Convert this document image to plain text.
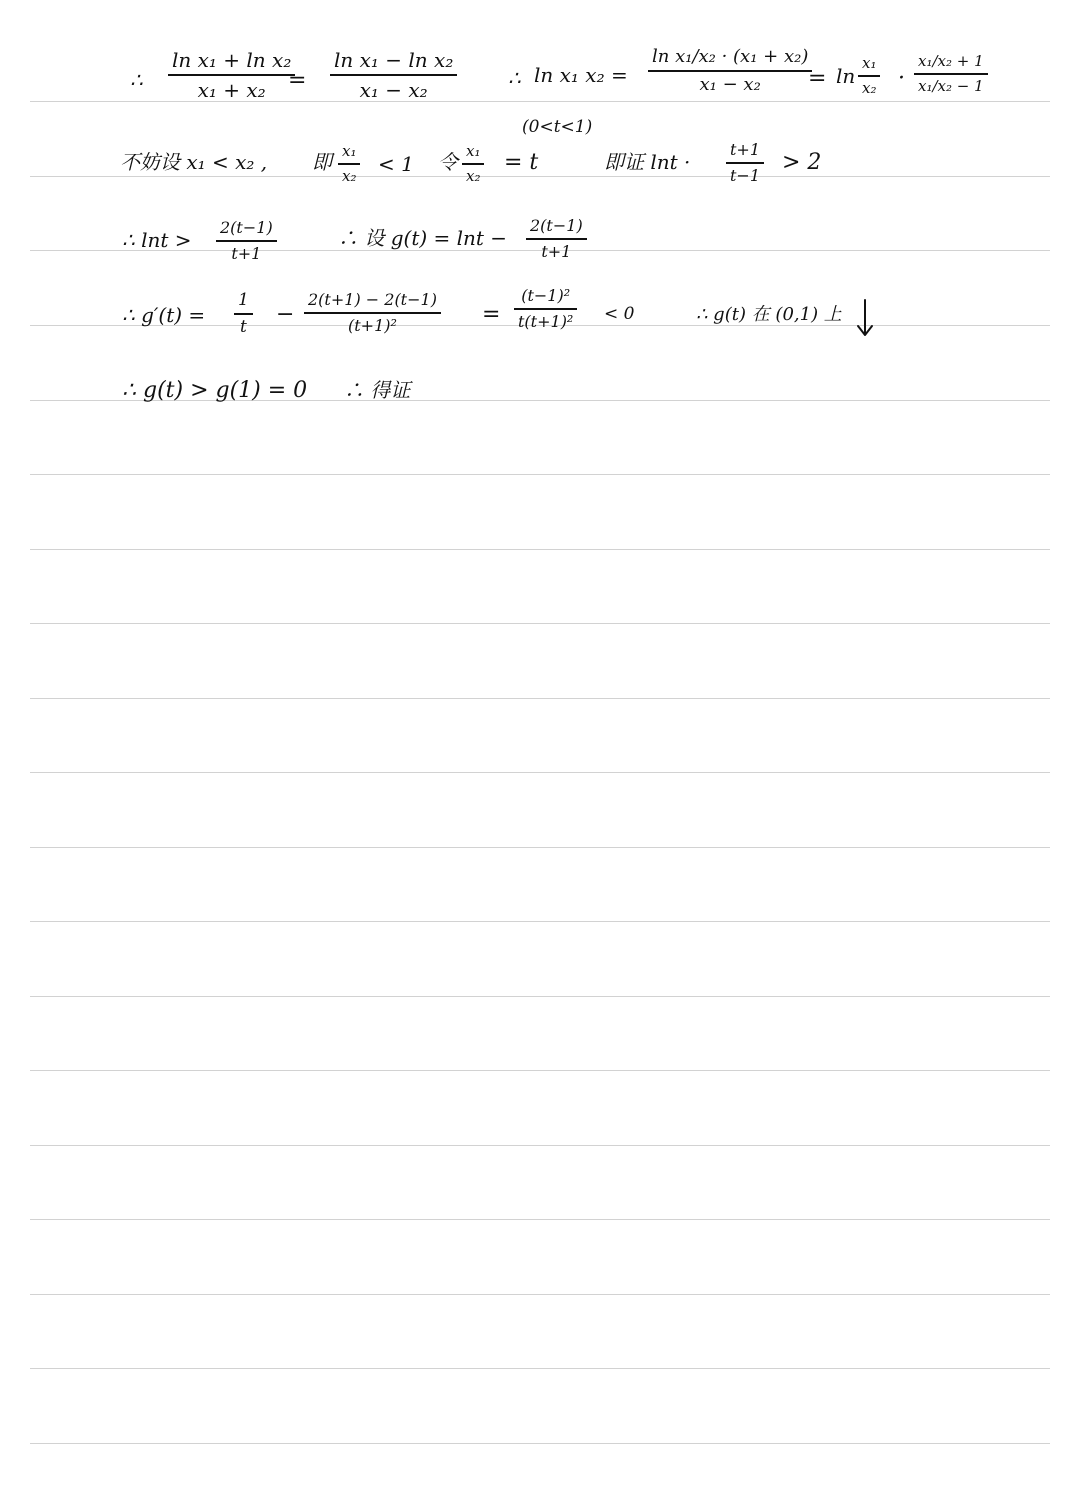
∴
ln x₁ + ln x₂
x₁ + x₂ =
ln x₁ − ln x₂
x₁ − x₂	∴ ln x₁ x₂ =
ln x₁/x₂ · (x₁ + x₂)
x₁ − x₂ = ln
x₁
x₂ ·
x₁/x₂ + 1
x₁/x₂ − 1
(0<t<1)
不妨设 x₁ < x₂ , 即 x₁
x₂ < 1 令 x₁
x₂
= t	即证 lnt ·
t+1
t−1
> 2
∴ lnt >
2(t−1)
t+1
∴ 设 g(t) = lnt −
2(t−1)
t+1
∴ g′(t) =
1
t −
2(t+1) − 2(t−1)
(t+1)²	=
(t−1)²
t(t+1)² < 0	∴ g(t) 在 (0,1) 上
∴ g(t) > g(1) = 0 ∴ 得证
